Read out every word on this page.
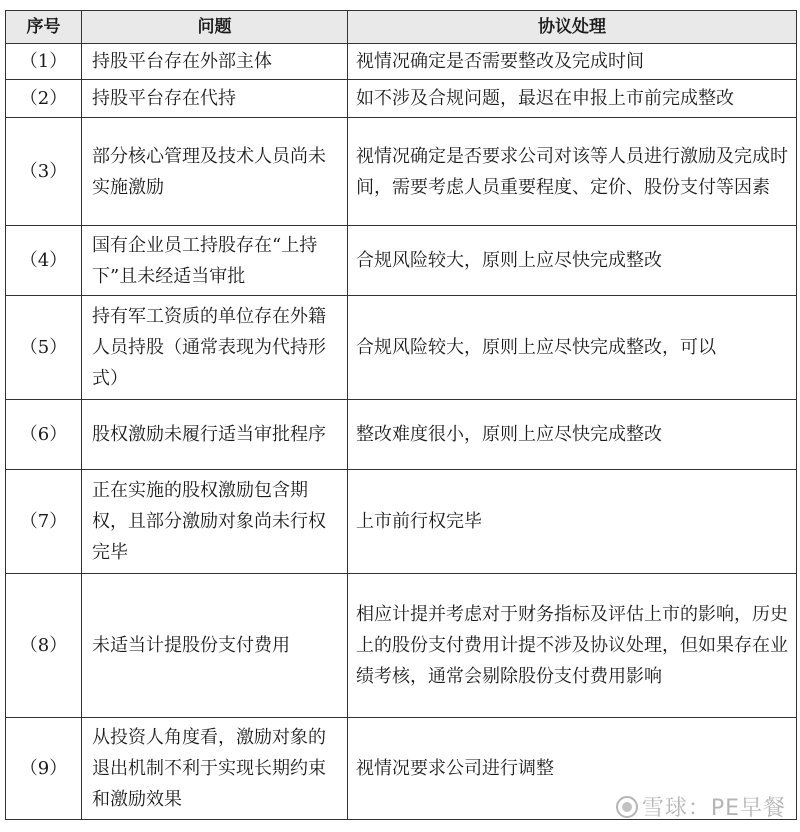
序号	问题	协议处理
（1）	持股平台存在外部主体	视情况确定是否需要整改及完成时间
（2）	持股平台存在代持	如不涉及合规问题，最迟在申报上市前完成整改
（3）	部分核心管理及技术人员尚未实施激励	视情况确定是否要求公司对该等人员进行激励及完成时间，需要考虑人员重要程度、定价、股份支付等因素
（4）	国有企业员工持股存在“上持下”且未经适当审批	合规风险较大，原则上应尽快完成整改
（5）	持有军工资质的单位存在外籍人员持股（通常表现为代持形式）	合规风险较大，原则上应尽快完成整改，可以
（6）	股权激励未履行适当审批程序	整改难度很小，原则上应尽快完成整改
（7）	正在实施的股权激励包含期权，且部分激励对象尚未行权完毕	上市前行权完毕
（8）	未适当计提股份支付费用	相应计提并考虑对于财务指标及评估上市的影响，历史上的股份支付费用计提不涉及协议处理，但如果存在业绩考核，通常会剔除股份支付费用影响
（9）	从投资人角度看，激励对象的退出机制不利于实现长期约束和激励效果	视情况要求公司进行调整
雪球：PE早餐
